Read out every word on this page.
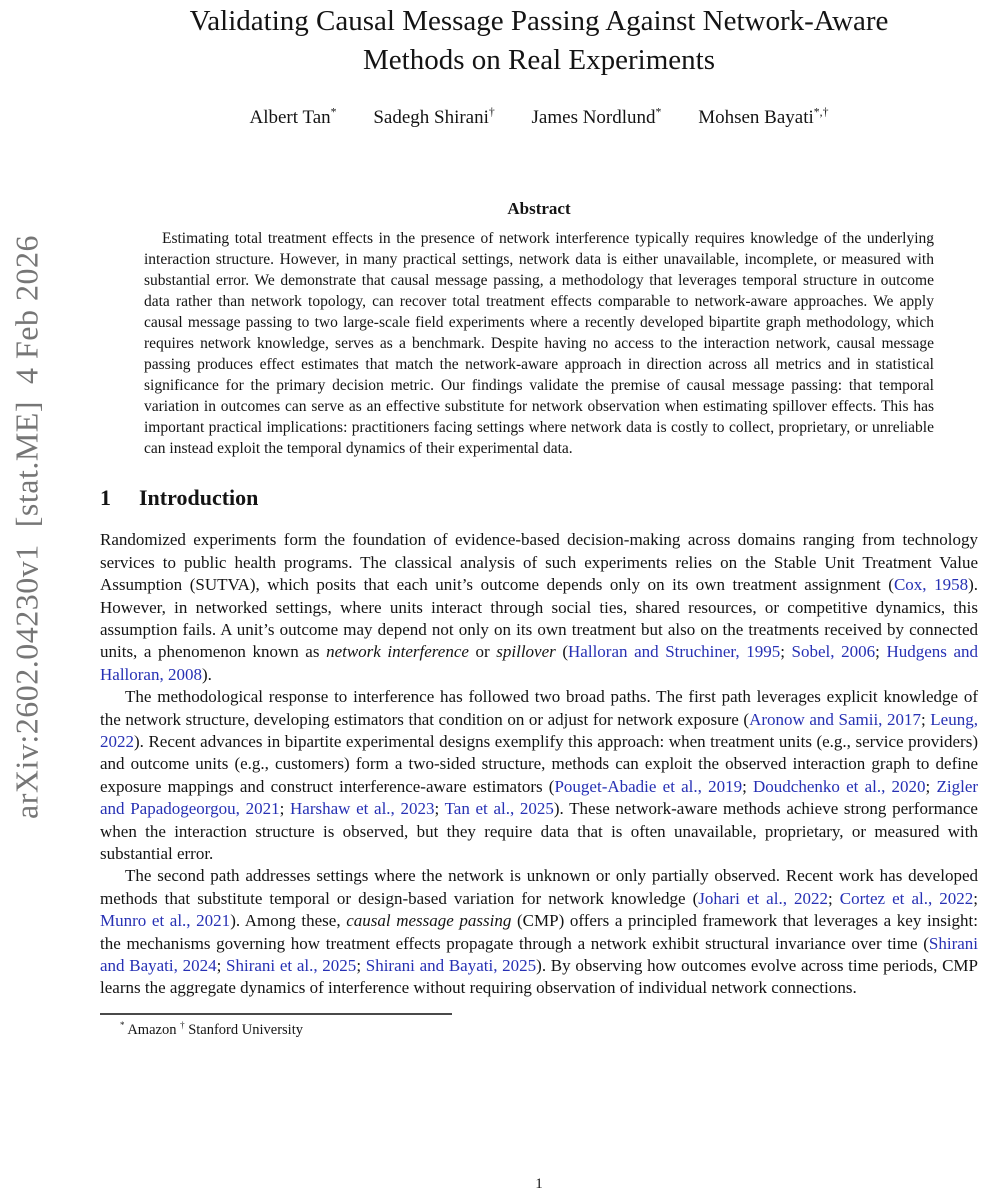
arXiv:2602.04230v1  [stat.ME]  4 Feb 2026
Validating Causal Message Passing Against Network-Aware
Methods on Real Experiments
Albert Tan* Sadegh Shirani† James Nordlund* Mohsen Bayati*,†
Abstract

Estimating total treatment effects in the presence of network interference typically requires knowledge of the underlying interaction structure. However, in many practical settings, network data is either unavailable, incomplete, or measured with substantial error. We demonstrate that causal message passing, a methodology that leverages temporal structure in outcome data rather than network topology, can recover total treatment effects comparable to network-aware approaches. We apply causal message passing to two large-scale field experiments where a recently developed bipartite graph methodology, which requires network knowledge, serves as a benchmark. Despite having no access to the interaction network, causal message passing produces effect estimates that match the network-aware approach in direction across all metrics and in statistical significance for the primary decision metric. Our findings validate the premise of causal message passing: that temporal variation in outcomes can serve as an effective substitute for network observation when estimating spillover effects. This has important practical implications: practitioners facing settings where network data is costly to collect, proprietary, or unreliable can instead exploit the temporal dynamics of their experimental data.

1 Introduction

Randomized experiments form the foundation of evidence-based decision-making across domains ranging from technology services to public health programs. The classical analysis of such experiments relies on the Stable Unit Treatment Value Assumption (SUTVA), which posits that each unit’s outcome depends only on its own treatment assignment (Cox, 1958). However, in networked settings, where units interact through social ties, shared resources, or competitive dynamics, this assumption fails. A unit’s outcome may depend not only on its own treatment but also on the treatments received by connected units, a phenomenon known as network interference or spillover (Halloran and Struchiner, 1995; Sobel, 2006; Hudgens and Halloran, 2008).

The methodological response to interference has followed two broad paths. The first path leverages explicit knowledge of the network structure, developing estimators that condition on or adjust for network exposure (Aronow and Samii, 2017; Leung, 2022). Recent advances in bipartite experimental designs exemplify this approach: when treatment units (e.g., service providers) and outcome units (e.g., customers) form a two-sided structure, methods can exploit the observed interaction graph to define exposure mappings and construct interference-aware estimators (Pouget-Abadie et al., 2019; Doudchenko et al., 2020; Zigler and Papadogeorgou, 2021; Harshaw et al., 2023; Tan et al., 2025). These network-aware methods achieve strong performance when the interaction structure is observed, but they require data that is often unavailable, proprietary, or measured with substantial error.

The second path addresses settings where the network is unknown or only partially observed. Recent work has developed methods that substitute temporal or design-based variation for network knowledge (Johari et al., 2022; Cortez et al., 2022; Munro et al., 2021). Among these, causal message passing (CMP) offers a principled framework that leverages a key insight: the mechanisms governing how treatment effects propagate through a network exhibit structural invariance over time (Shirani and Bayati, 2024; Shirani et al., 2025; Shirani and Bayati, 2025). By observing how outcomes evolve across time periods, CMP learns the aggregate dynamics of interference without requiring observation of individual network connections.

* Amazon † Stanford University
1
